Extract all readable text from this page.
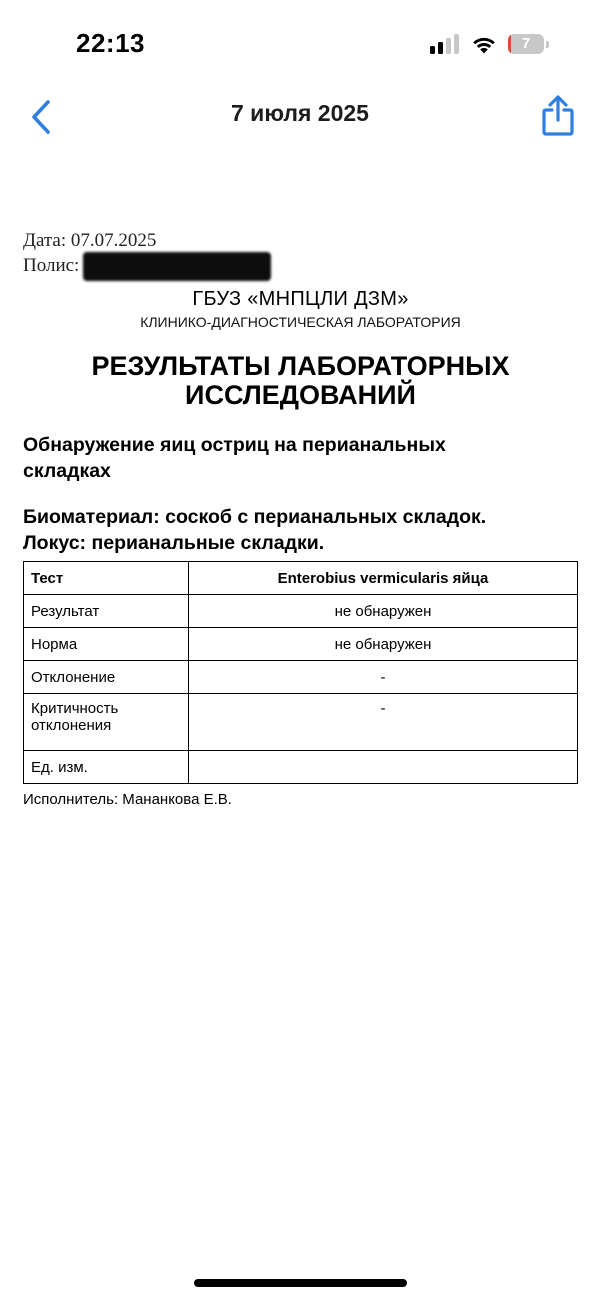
22:13	7
7 июля 2025
Дата: 07.07.2025
Полис:
ГБУЗ «МНПЦЛИ ДЗМ»
КЛИНИКО-ДИАГНОСТИЧЕСКАЯ ЛАБОРАТОРИЯ
РЕЗУЛЬТАТЫ ЛАБОРАТОРНЫХ
ИССЛЕДОВАНИЙ
Обнаружение яиц остриц на перианальных
складках
Биоматериал: соскоб с перианальных складок.
Локус: перианальные складки.
Тест	Enterobius vermicularis яйца
Результат	не обнаружен
Норма	не обнаружен
Отклонение	-

Критичность
отклонения	-
Ед. изм.	
Исполнитель: Мананкова Е.В.
